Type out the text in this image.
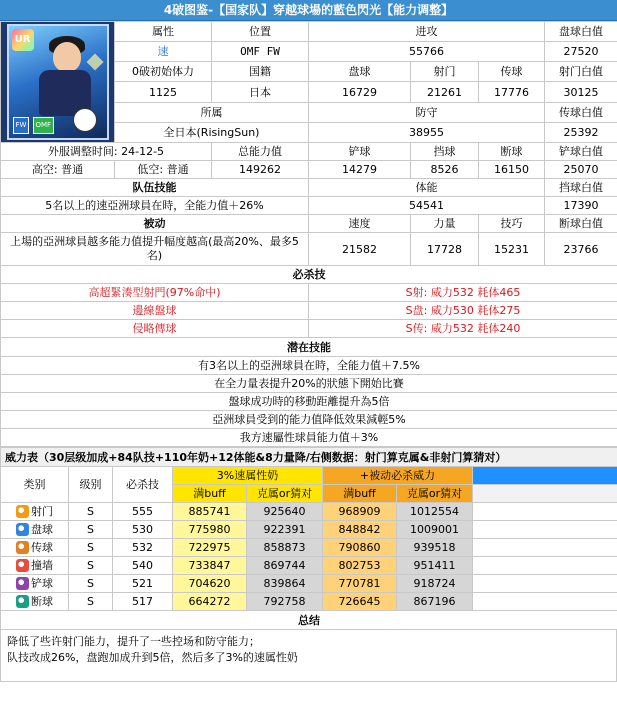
4破图鉴-【国家队】穿越球場的藍色閃光【能力调整】
UR
FW OMF	属性	位置	进攻			盘球白值
	速	OMF FW	55766			27520
	0破初始体力	国籍	盘球	射门	传球	射门白值
	1125	日本	16729	21261	17776	30125
	所属		防守			传球白值
	全日本(RisingSun)		38955			25392
外服调整时间: 24-12-5		总能力值	铲球	挡球	断球	铲球白值
高空: 普通	低空: 普通	149262	14279	8526	16150	25070
队伍技能			体能			挡球白值
5名以上的速亞洲球員在時，全能力值＋26%			54541			17390
被动			速度	力量	技巧	断球白值
上場的亞洲球員越多能力值提升幅度越高(最高20%、最多5名)			21582	17728	15231	23766
必杀技						
高超緊湊型射門(97%命中)			S射: 威力532 耗体465			
邊線盤球			S盘: 威力530 耗体275			
侵略傳球			S传: 威力532 耗体240			
潜在技能						
有3名以上的亞洲球員在時，全能力值＋7.5%						
在全力量表提升20%的狀態下開始比賽						
盤球成功時的移動距離提升為5倍						
亞洲球員受到的能力值降低效果減輕5%						
我方速屬性球員能力值＋3%						
威力表（30层级加成+84队技+110年奶+12体能&8力量降/右侧数据：射门算克属&非射门算猜对）							
类别	级别	必杀技	3%速属性奶		+被动必杀威力		
			满buff	克属or猜对	满buff	克属or猜对	
射门	S	555	885741	925640	968909	1012554	
盘球	S	530	775980	922391	848842	1009001	
传球	S	532	722975	858873	790860	939518	
撞墙	S	540	733847	869744	802753	951411	
铲球	S	521	704620	839864	770781	918724	
断球	S	517	664272	792758	726645	867196	
总结							
降低了些许射门能力，提升了一些控场和防守能力；
队技改成26%，盘跑加成升到5倍，然后多了3%的速属性奶
